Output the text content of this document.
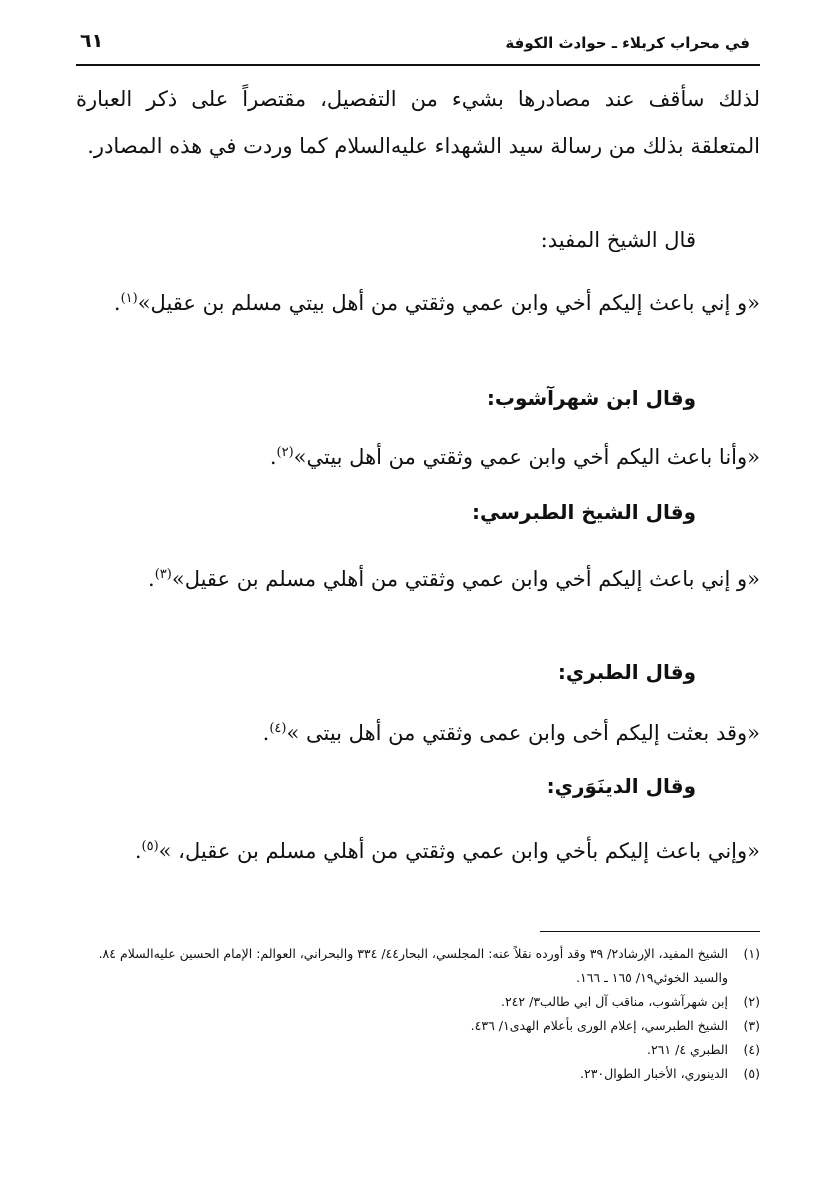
في محراب كربلاء ـ حوادث الكوفة
٦١
لذلك سأقف عند مصادرها بشيء من التفصيل، مقتصراً على ذكر العبارة المتعلقة بذلك من رسالة سيد الشهداء عليه‌السلام كما وردت في هذه المصادر.
قال الشيخ المفيد:
«و إني باعث إليكم أخي وابن عمي وثقتي من أهل بيتي مسلم بن عقيل»$^{(١)}$.
وقال ابن شهرآشوب:
«وأنا باعث اليكم أخي وابن عمي وثقتي من أهل بيتي»$^{(٢)}$.
وقال الشيخ الطبرسي:
«و إني باعث إليكم أخي وابن عمي وثقتي من أهلي مسلم بن عقيل»$^{(٣)}$.
وقال الطبري:
«وقد بعثت إليكم أخى وابن عمى وثقتي من أهل بيتى »$^{(٤)}$.
وقال الدينَوَري:
«وإني باعث إليكم بأخي وابن عمي وثقتي من أهلي مسلم بن عقيل، »$^{(٥)}$.
(١)الشيخ المفيد، الإرشاد٢/ ٣٩ وقد أورده نقلاً عنه: المجلسي، البحار٤٤/ ٣٣٤ والبحراني، العوالم: الإمام الحسين عليه‌السلام ٨٤. والسيد الخوئي١٩/ ١٦٥ ـ ١٦٦.
(٢)إبن شهرآشوب، مناقب آل ابي طالب٣/ ٢٤٢.
(٣)الشيخ الطبرسي، إعلام الورى بأعلام الهدى١/ ٤٣٦.
(٤)الطبري ٤/ ٢٦١.
(٥)الدينوري، الأخبار الطوال٢٣٠.
